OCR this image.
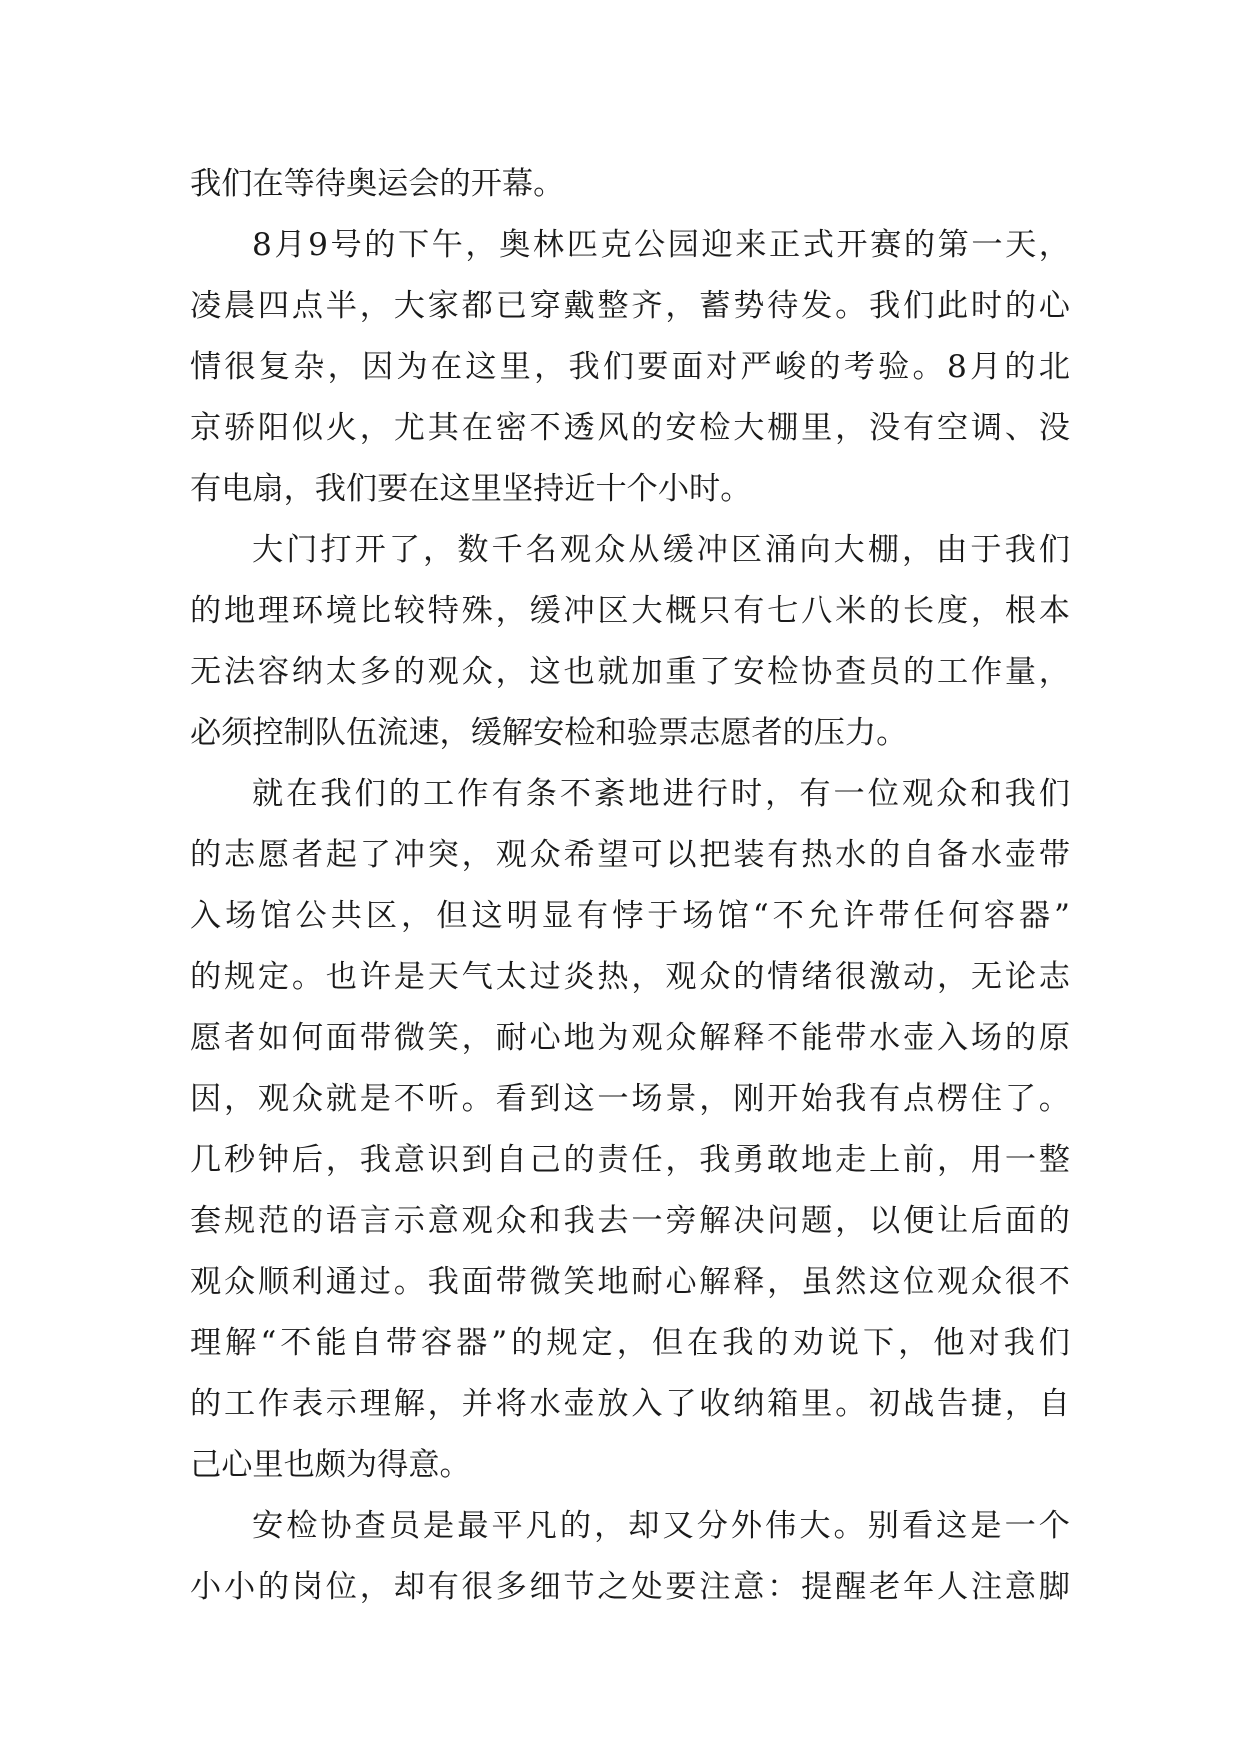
我们在等待奥运会的开幕。
8月9号的下午，奥林匹克公园迎来正式开赛的第一天，
凌晨四点半，大家都已穿戴整齐，蓄势待发。我们此时的心
情很复杂，因为在这里，我们要面对严峻的考验。8月的北
京骄阳似火，尤其在密不透风的安检大棚里，没有空调、没
有电扇，我们要在这里坚持近十个小时。
大门打开了，数千名观众从缓冲区涌向大棚，由于我们
的地理环境比较特殊，缓冲区大概只有七八米的长度，根本
无法容纳太多的观众，这也就加重了安检协查员的工作量，
必须控制队伍流速，缓解安检和验票志愿者的压力。
就在我们的工作有条不紊地进行时，有一位观众和我们
的志愿者起了冲突，观众希望可以把装有热水的自备水壶带
入场馆公共区，但这明显有悖于场馆“不允许带任何容器”
的规定。也许是天气太过炎热，观众的情绪很激动，无论志
愿者如何面带微笑，耐心地为观众解释不能带水壶入场的原
因，观众就是不听。看到这一场景，刚开始我有点楞住了。
几秒钟后，我意识到自己的责任，我勇敢地走上前，用一整
套规范的语言示意观众和我去一旁解决问题，以便让后面的
观众顺利通过。我面带微笑地耐心解释，虽然这位观众很不
理解“不能自带容器”的规定，但在我的劝说下，他对我们
的工作表示理解，并将水壶放入了收纳箱里。初战告捷，自
己心里也颇为得意。
安检协查员是最平凡的，却又分外伟大。别看这是一个
小小的岗位，却有很多细节之处要注意：提醒老年人注意脚
